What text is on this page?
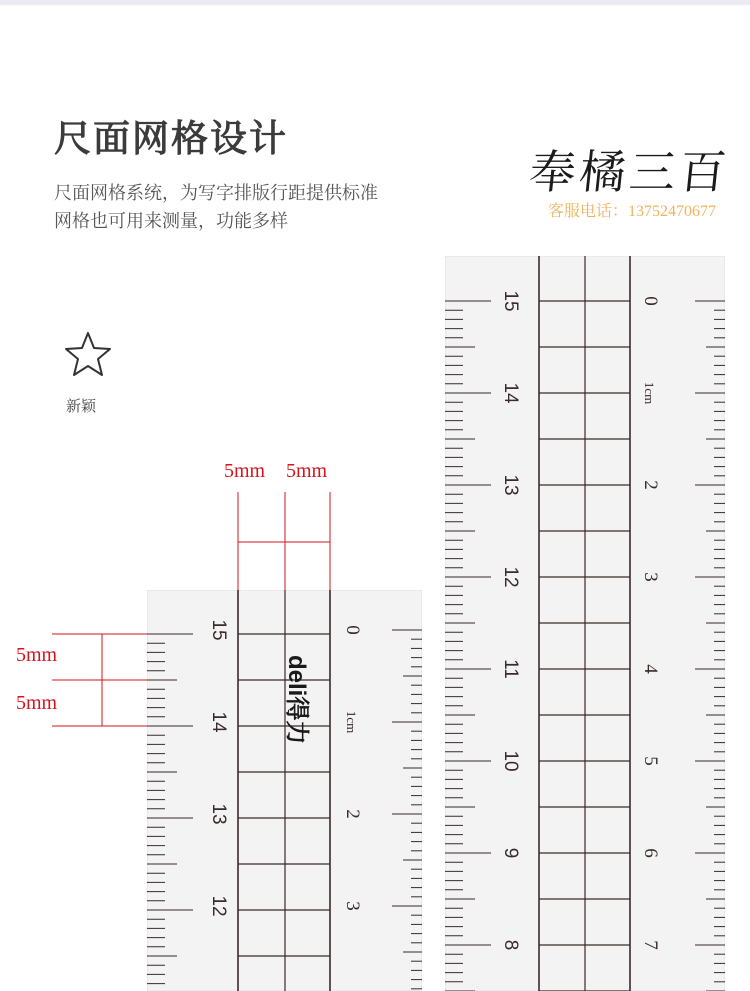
尺面网格设计
尺面网格系统，为写字排版行距提供标准
网格也可用来测量，功能多样
奉橘三百
客服电话：13752470677
新颖
15
14
13
12
11
10
9
8
0
1cm
2
3
4
5
6
7
15
14
13
12
0
1cm
2
3
deli得力
5mm 5mm
5mm
5mm
